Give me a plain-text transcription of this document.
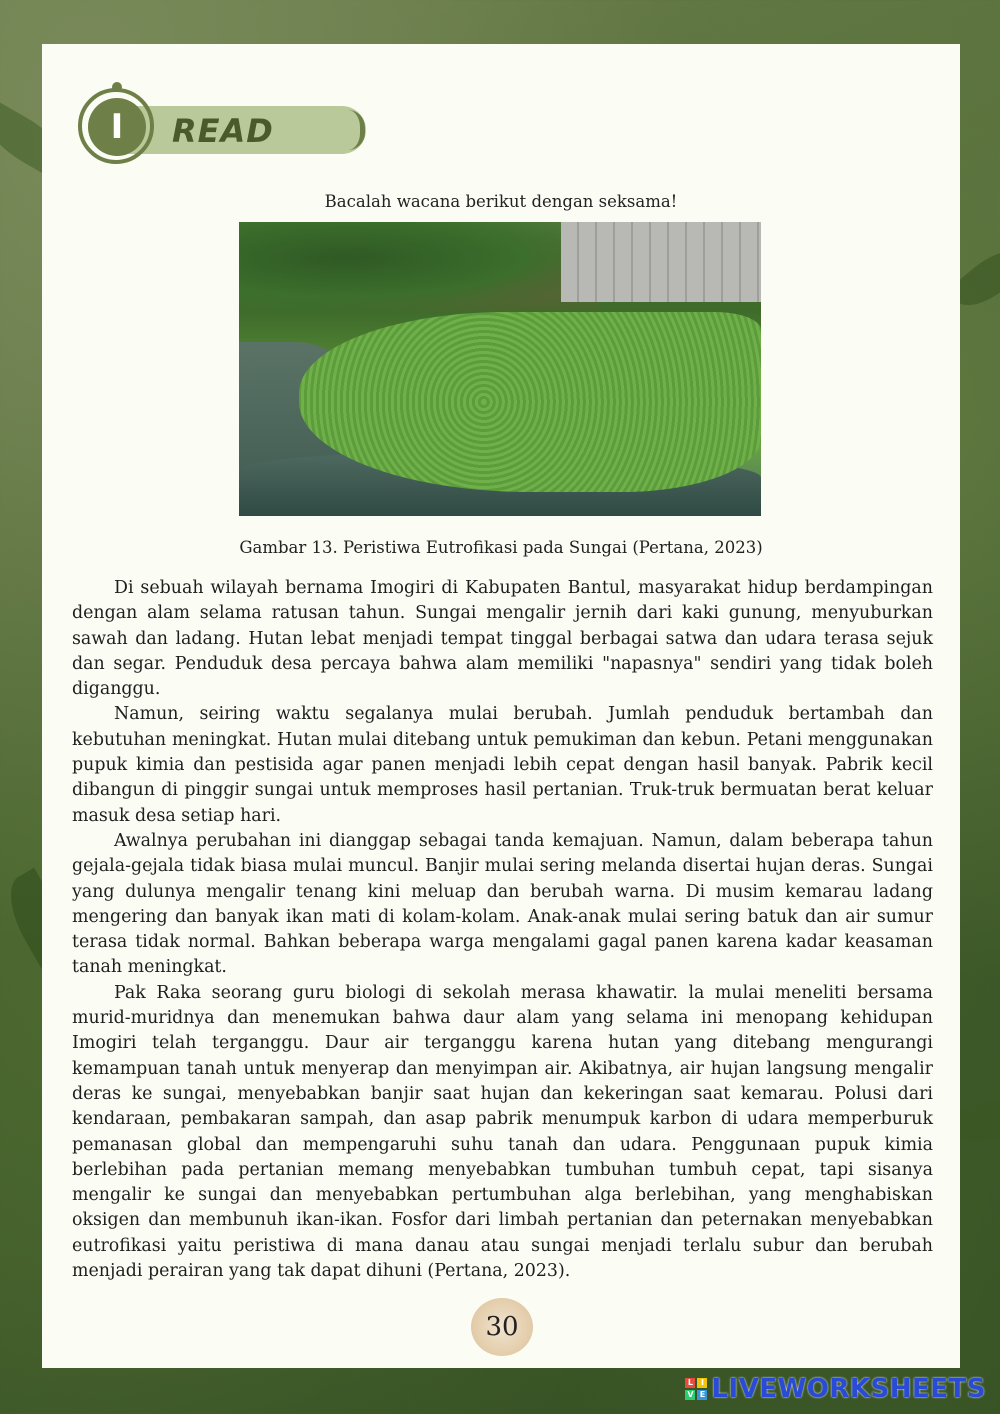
I	READ
Bacalah wacana berikut dengan seksama!
Gambar 13. Peristiwa Eutrofikasi pada Sungai (Pertana, 2023)

Di sebuah wilayah bernama Imogiri di Kabupaten Bantul, masyarakat hidup berdampingan dengan alam selama ratusan tahun. Sungai mengalir jernih dari kaki gunung, menyuburkan sawah dan ladang. Hutan lebat menjadi tempat tinggal berbagai satwa dan udara terasa sejuk dan segar. Penduduk desa percaya bahwa alam memiliki "napasnya" sendiri yang tidak boleh diganggu.

Namun, seiring waktu segalanya mulai berubah. Jumlah penduduk bertambah dan kebutuhan meningkat. Hutan mulai ditebang untuk pemukiman dan kebun. Petani menggunakan pupuk kimia dan pestisida agar panen menjadi lebih cepat dengan hasil banyak. Pabrik kecil dibangun di pinggir sungai untuk memproses hasil pertanian. Truk-truk bermuatan berat keluar masuk desa setiap hari.

Awalnya perubahan ini dianggap sebagai tanda kemajuan. Namun, dalam beberapa tahun gejala-gejala tidak biasa mulai muncul. Banjir mulai sering melanda disertai hujan deras. Sungai yang dulunya mengalir tenang kini meluap dan berubah warna. Di musim kemarau ladang mengering dan banyak ikan mati di kolam-kolam. Anak-anak mulai sering batuk dan air sumur terasa tidak normal. Bahkan beberapa warga mengalami gagal panen karena kadar keasaman tanah meningkat.

Pak Raka seorang guru biologi di sekolah merasa khawatir. la mulai meneliti bersama murid-muridnya dan menemukan bahwa daur alam yang selama ini menopang kehidupan Imogiri telah terganggu. Daur air terganggu karena hutan yang ditebang mengurangi kemampuan tanah untuk menyerap dan menyimpan air. Akibatnya, air hujan langsung mengalir deras ke sungai, menyebabkan banjir saat hujan dan kekeringan saat kemarau. Polusi dari kendaraan, pembakaran sampah, dan asap pabrik menumpuk karbon di udara memperburuk pemanasan global dan mempengaruhi suhu tanah dan udara. Penggunaan pupuk kimia berlebihan pada pertanian memang menyebabkan tumbuhan tumbuh cepat, tapi sisanya mengalir ke sungai dan menyebabkan pertumbuhan alga berlebihan, yang menghabiskan oksigen dan membunuh ikan-ikan. Fosfor dari limbah pertanian dan peternakan menyebabkan eutrofikasi yaitu peristiwa di mana danau atau sungai menjadi terlalu subur dan berubah menjadi perairan yang tak dapat dihuni (Pertana, 2023).

30
L I
V E LIVEWORKSHEETS
